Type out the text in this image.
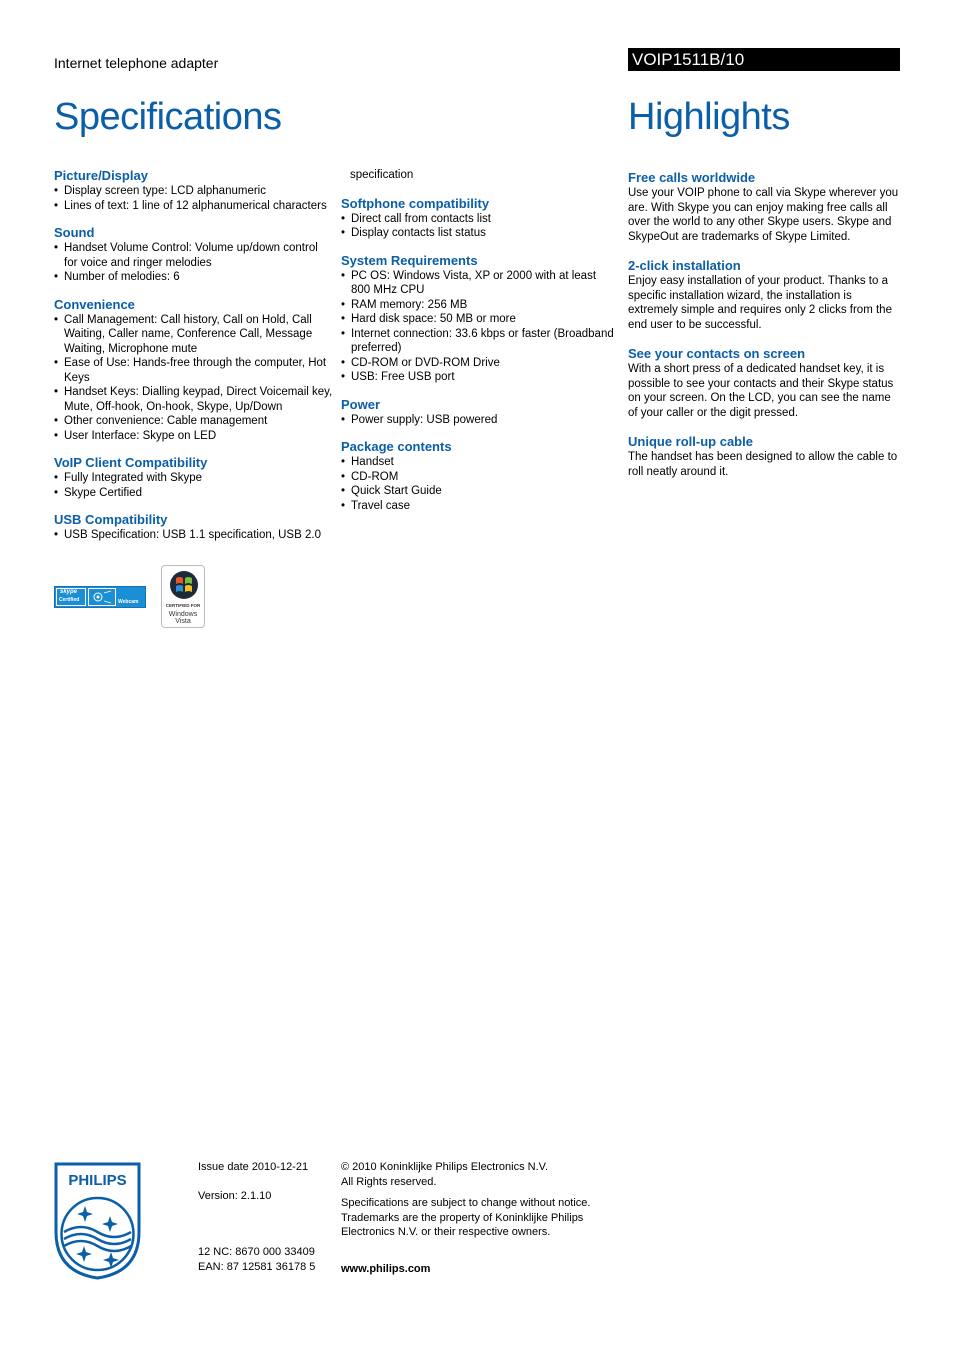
Internet telephone adapter	VOIP1511B/10
Specifications	Highlights
Picture/Display
• Display screen type: LCD alphanumeric
• Lines of text: 1 line of 12 alphanumerical characters
Sound
• Handset Volume Control: Volume up/down control for voice and ringer melodies
• Number of melodies: 6
Convenience
• Call Management: Call history, Call on Hold, Call Waiting, Caller name, Conference Call, Message Waiting, Microphone mute
• Ease of Use: Hands-free through the computer, Hot Keys
• Handset Keys: Dialling keypad, Direct Voicemail key, Mute, Off-hook, On-hook, Skype, Up/Down
• Other convenience: Cable management
• User Interface: Skype on LED
VoIP Client Compatibility
• Fully Integrated with Skype
• Skype Certified
USB Compatibility
• USB Specification: USB 1.1 specification, USB 2.0
specification
Softphone compatibility
• Direct call from contacts list
• Display contacts list status
System Requirements
• PC OS: Windows Vista, XP or 2000 with at least 800 MHz CPU
• RAM memory: 256 MB
• Hard disk space: 50 MB or more
• Internet connection: 33.6 kbps or faster (Broadband preferred)
• CD-ROM or DVD-ROM Drive
• USB: Free USB port
Power
• Power supply: USB powered
Package contents
• Handset
• CD-ROM
• Quick Start Guide
• Travel case
Free calls worldwide

Use your VOIP phone to call via Skype wherever you are. With Skype you can enjoy making free calls all over the world to any other Skype users. Skype and SkypeOut are trademarks of Skype Limited.

2-click installation

Enjoy easy installation of your product. Thanks to a specific installation wizard, the installation is extremely simple and requires only 2 clicks from the end user to be successful.

See your contacts on screen

With a short press of a dedicated handset key, it is possible to see your contacts and their Skype status on your screen. On the LCD, you can see the name of your caller or the digit pressed.

Unique roll-up cable

The handset has been designed to allow the cable to roll neatly around it.

skype
Certified	Webcam
CERTIFIED FOR
Windows
Vista
PHILIPS
Issue date 2010-12-21
Version: 2.1.10
12 NC: 8670 000 33409
EAN: 87 12581 36178 5
© 2010 Koninklijke Philips Electronics N.V.
All Rights reserved.
Specifications are subject to change without notice.
Trademarks are the property of Koninklijke Philips
Electronics N.V. or their respective owners.
www.philips.com
